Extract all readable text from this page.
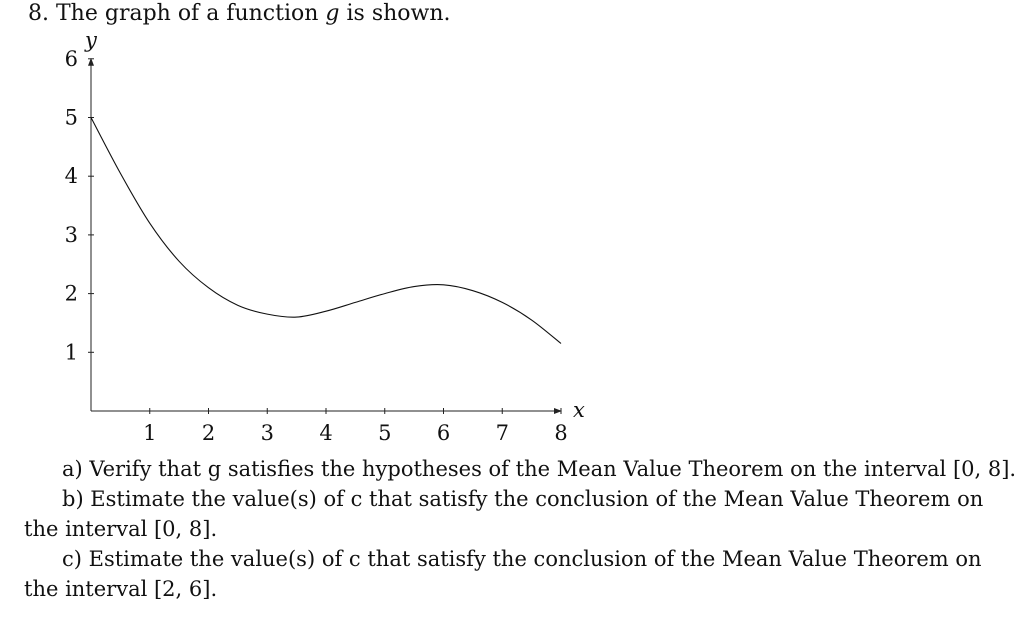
8. The graph of a function g is shown.
x
y
1 2 3 4 5 6 7 8
1
2
3
4
5
6
a) Verify that g satisfies the hypotheses of the Mean Value Theorem on the interval [0, 8].
b) Estimate the value(s) of c that satisfy the conclusion of the Mean Value Theorem on
the interval [0, 8].
c) Estimate the value(s) of c that satisfy the conclusion of the Mean Value Theorem on
the interval [2, 6].
